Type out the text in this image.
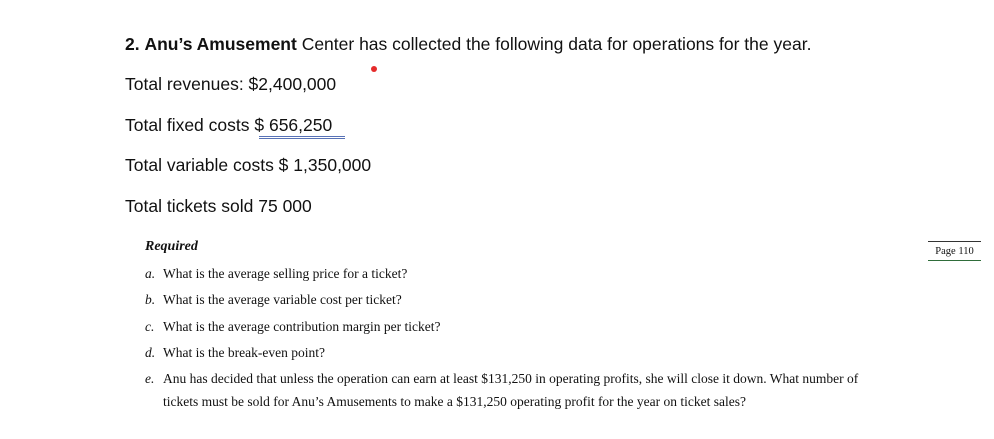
2. Anu’s Amusement Center has collected the following data for operations for the year.
Total revenues: $2,400,000
Total fixed costs $ 656,250
Total variable costs $ 1,350,000
Total tickets sold 75 000
Required	Page 110
a. What is the average selling price for a ticket?
b. What is the average variable cost per ticket?
c. What is the average contribution margin per ticket?
d. What is the break-even point?
e. Anu has decided that unless the operation can earn at least $131,250 in operating profits, she will close it down. What number of
tickets must be sold for Anu’s Amusements to make a $131,250 operating profit for the year on ticket sales?
